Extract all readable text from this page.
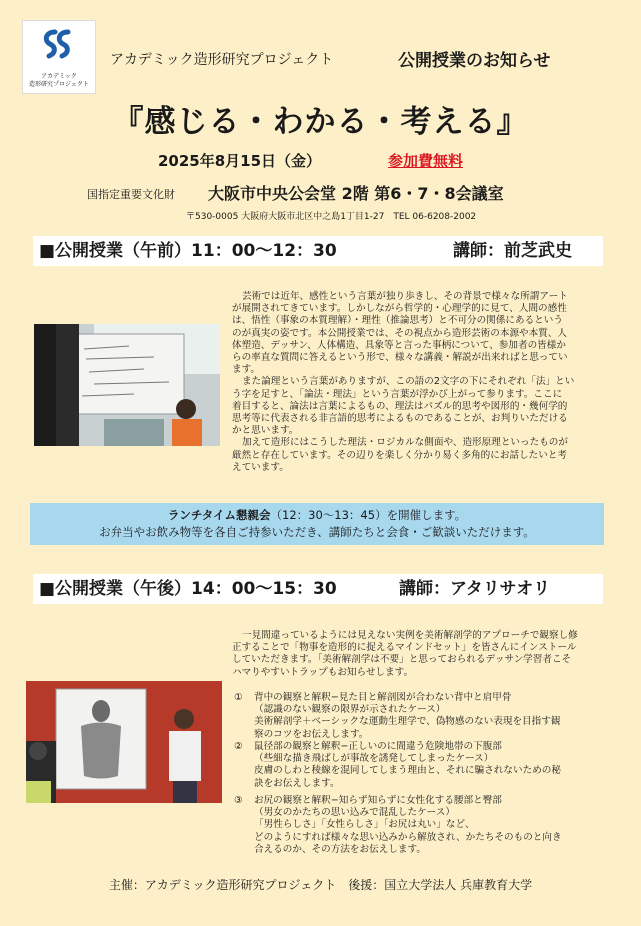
アカデミック
造形研究プロジェクト
アカデミック造形研究プロジェクト	公開授業のお知らせ
『感じる・わかる・考える』
2025年8月15日（金）	参加費無料
国指定重要文化財 大阪市中央公会堂 2階 第6・7・8会議室
〒530-0005 大阪府大阪市北区中之島1丁目1-27　TEL 06-6208-2002
■公開授業（午前）11：00〜12：30	講師：前芝武史

芸術では近年、感性という言葉が独り歩きし、その背景で様々な所謂アート

が展開されてきています。しかしながら哲学的・心理学的に見て、人間の感性

は、悟性（事象の本質理解）・理性（推論思考）と不可分の関係にあるという

のが真実の姿です。本公開授業では、その視点から造形芸術の本源や本質、人

体塑造、デッサン、人体構造、具象等と言った事柄について、参加者の皆様か

らの率直な質問に答えるという形で、様々な講義・解説が出来ればと思ってい

ます。

また論理という言葉がありますが、この語の2文字の下にそれぞれ「法」とい

う字を足すと、「論法・理法」という言葉が浮かび上がって参ります。ここに

着目すると、論法は言葉によるもの、理法はパズル的思考や図形的・幾何学的

思考等に代表される非言語的思考によるものであることが、お判りいただける

かと思います。

加えて造形にはこうした理法・ロジカルな側面や、造形原理といったものが

厳然と存在しています。その辺りを楽しく分かり易く多角的にお話したいと考

えています。

ランチタイム懇親会（12：30〜13：45）を開催します。
お弁当やお飲み物等を各自ご持参いただき、講師たちと会食・ご歓談いただけます。
■公開授業（午後）14：00〜15：30	講師：アタリサオリ

一見間違っているようには見えない実例を美術解剖学的アプローチで観察し修

正することで「物事を造形的に捉えるマインドセット」を皆さんにインストール

していただきます。「美術解剖学は不要」と思っておられるデッサン学習者こそ

ハマりやすいトラップもお知らせします。

① 背中の観察と解釈−見た目と解剖図が合わない背中と肩甲骨
（認識のない観察の限界が示されたケース）
美術解剖学＋ベーシックな運動生理学で、偽物感のない表現を目指す観
察のコツをお伝えします。
② 鼠径部の観察と解釈−正しいのに間違う危険地帯の下腹部
（些細な描き飛ばしが事故を誘発してしまったケース）
皮膚のしわと稜線を混同してしまう理由と、それに騙されないための秘
訣をお伝えします。
③ お尻の観察と解釈−知らず知らずに女性化する腰部と臀部
（男女のかたちの思い込みで混乱したケース）
「男性らしさ」「女性らしさ」「お尻は丸い」など、
どのようにすれば様々な思い込みから解放され、かたちそのものと向き
合えるのか、その方法をお伝えします。
主催：アカデミック造形研究プロジェクト　後援：国立大学法人 兵庫教育大学
